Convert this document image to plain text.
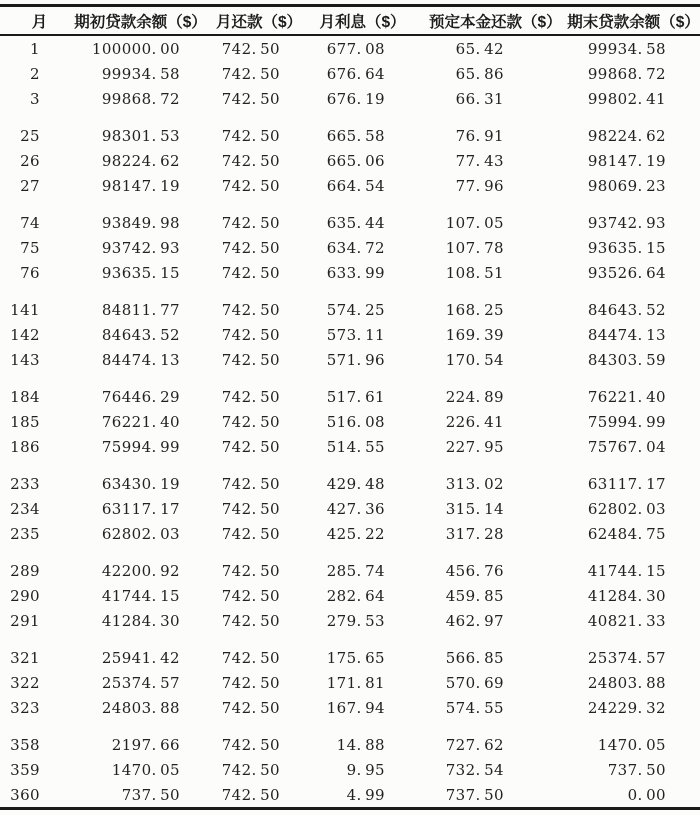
月	期初贷款余额（$）	月还款（$）	月利息（$）	预定本金还款（$）	期末贷款余额（$）
1	100000. 00	742. 50	677. 08	65. 42	99934. 58
2	99934. 58	742. 50	676. 64	65. 86	99868. 72
3	99868. 72	742. 50	676. 19	66. 31	99802. 41

25	98301. 53	742. 50	665. 58	76. 91	98224. 62
26	98224. 62	742. 50	665. 06	77. 43	98147. 19
27	98147. 19	742. 50	664. 54	77. 96	98069. 23

74	93849. 98	742. 50	635. 44	107. 05	93742. 93
75	93742. 93	742. 50	634. 72	107. 78	93635. 15
76	93635. 15	742. 50	633. 99	108. 51	93526. 64

141	84811. 77	742. 50	574. 25	168. 25	84643. 52
142	84643. 52	742. 50	573. 11	169. 39	84474. 13
143	84474. 13	742. 50	571. 96	170. 54	84303. 59

184	76446. 29	742. 50	517. 61	224. 89	76221. 40
185	76221. 40	742. 50	516. 08	226. 41	75994. 99
186	75994. 99	742. 50	514. 55	227. 95	75767. 04

233	63430. 19	742. 50	429. 48	313. 02	63117. 17
234	63117. 17	742. 50	427. 36	315. 14	62802. 03
235	62802. 03	742. 50	425. 22	317. 28	62484. 75

289	42200. 92	742. 50	285. 74	456. 76	41744. 15
290	41744. 15	742. 50	282. 64	459. 85	41284. 30
291	41284. 30	742. 50	279. 53	462. 97	40821. 33

321	25941. 42	742. 50	175. 65	566. 85	25374. 57
322	25374. 57	742. 50	171. 81	570. 69	24803. 88
323	24803. 88	742. 50	167. 94	574. 55	24229. 32

358	2197. 66	742. 50	14. 88	727. 62	1470. 05
359	1470. 05	742. 50	9. 95	732. 54	737. 50
360	737. 50	742. 50	4. 99	737. 50	0. 00
